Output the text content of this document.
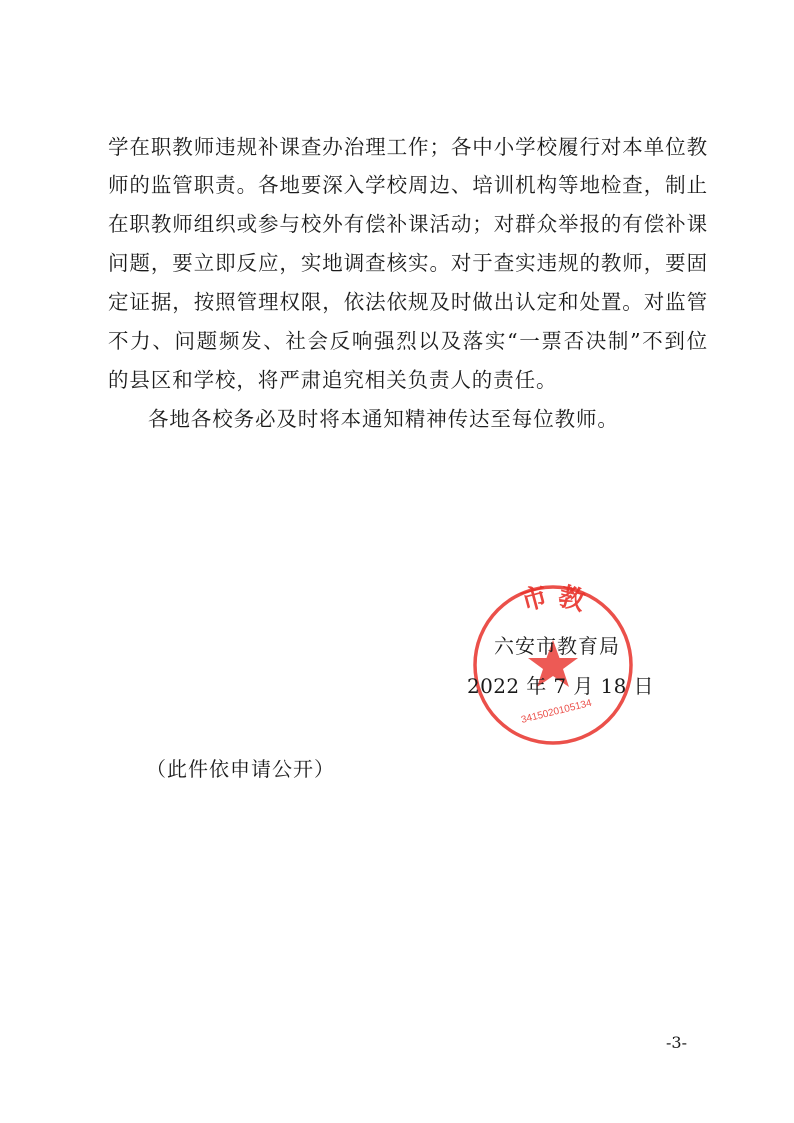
学在职教师违规补课查办治理工作；各中小学校履行对本单位教
师的监管职责。各地要深入学校周边、培训机构等地检查，制止
在职教师组织或参与校外有偿补课活动；对群众举报的有偿补课
问题，要立即反应，实地调查核实。对于查实违规的教师，要固
定证据，按照管理权限，依法依规及时做出认定和处置。对监管
不力、问题频发、社会反响强烈以及落实“一票否决制”不到位
的县区和学校，将严肃追究相关负责人的责任。
各地各校务必及时将本通知精神传达至每位教师。
市 教
3415020105134
六安市教育局
2022 年 7 月 18 日
（此件依申请公开）
-3-
